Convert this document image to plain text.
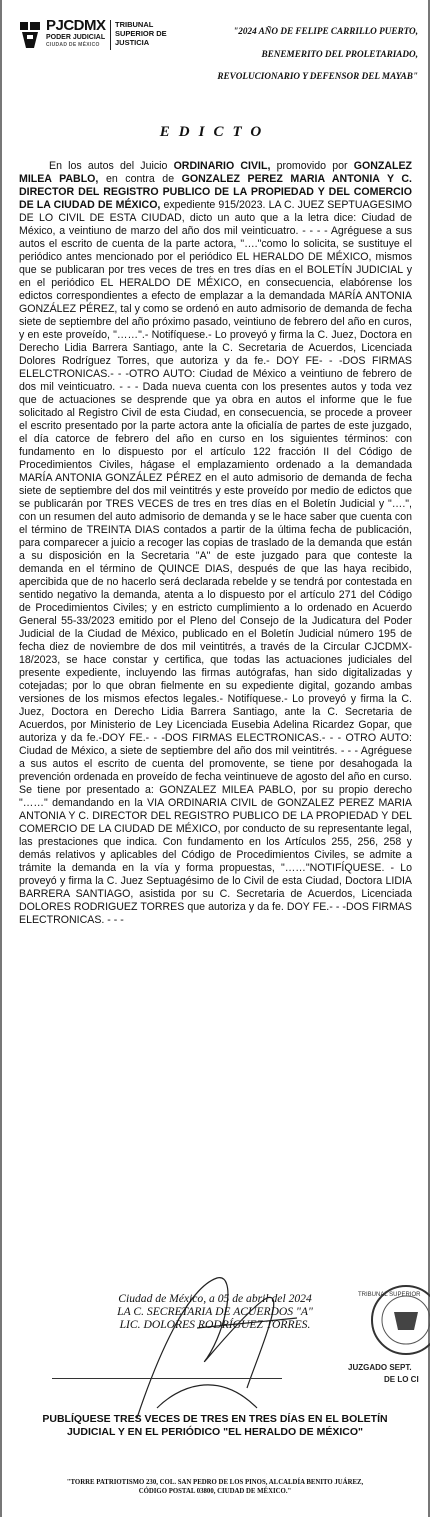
PJCDMX
PODER JUDICIAL
CIUDAD DE MÉXICO
TRIBUNAL
SUPERIOR DE
JUSTICIA
"2024 AÑO DE FELIPE CARRILLO PUERTO,
BENEMERITO DEL PROLETARIADO,
REVOLUCIONARIO Y DEFENSOR DEL MAYAB"
EDICTO
En los autos del Juicio ORDINARIO CIVIL, promovido por GONZALEZ MILEA PABLO, en contra de GONZALEZ PEREZ MARIA ANTONIA Y C. DIRECTOR DEL REGISTRO PUBLICO DE LA PROPIEDAD Y DEL COMERCIO DE LA CIUDAD DE MÉXICO, expediente 915/2023. LA C. JUEZ SEPTUAGESIMO DE LO CIVIL DE ESTA CIUDAD, dicto un auto que a la letra dice: Ciudad de México, a veintiuno de marzo del año dos mil veinticuatro. - - - - Agréguese a sus autos el escrito de cuenta de la parte actora, "…."como lo solicita, se sustituye el periódico antes mencionado por el periódico EL HERALDO DE MÉXICO, mismos que se publicaran por tres veces de tres en tres días en el BOLETÍN JUDICIAL y en el periódico EL HERALDO DE MÉXICO, en consecuencia, elabórense los edictos correspondientes a efecto de emplazar a la demandada MARÍA ANTONIA GONZÁLEZ PÉREZ, tal y como se ordenó en auto admisorio de demanda de fecha siete de septiembre del año próximo pasado, veintiuno de febrero del año en curos, y en este proveído, "……".- Notifíquese.- Lo proveyó y firma la C. Juez, Doctora en Derecho Lidia Barrera Santiago, ante la C. Secretaria de Acuerdos, Licenciada Dolores Rodríguez Torres, que autoriza y da fe.- DOY FE- - -DOS FIRMAS ELELCTRONICAS.- - -OTRO AUTO: Ciudad de México a veintiuno de febrero de dos mil veinticuatro. - - - Dada nueva cuenta con los presentes autos y toda vez que de actuaciones se desprende que ya obra en autos el informe que le fue solicitado al Registro Civil de esta Ciudad, en consecuencia, se procede a proveer el escrito presentado por la parte actora ante la oficialía de partes de este juzgado, el día catorce de febrero del año en curso en los siguientes términos: con fundamento en lo dispuesto por el artículo 122 fracción II del Código de Procedimientos Civiles, hágase el emplazamiento ordenado a la demandada MARÍA ANTONIA GONZÁLEZ PÉREZ en el auto admisorio de demanda de fecha siete de septiembre del dos mil veintitrés y este proveído por medio de edictos que se publicarán por TRES VECES de tres en tres días en el Boletín Judicial y "….", con un resumen del auto admisorio de demanda y se le hace saber que cuenta con el término de TREINTA DIAS contados a partir de la última fecha de publicación, para comparecer a juicio a recoger las copias de traslado de la demanda que están a su disposición en la Secretaria "A" de este juzgado para que conteste la demanda en el término de QUINCE DIAS, después de que las haya recibido, apercibida que de no hacerlo será declarada rebelde y se tendrá por contestada en sentido negativo la demanda, atenta a lo dispuesto por el artículo 271 del Código de Procedimientos Civiles; y en estricto cumplimiento a lo ordenado en Acuerdo General 55-33/2023 emitido por el Pleno del Consejo de la Judicatura del Poder Judicial de la Ciudad de México, publicado en el Boletín Judicial número 195 de fecha diez de noviembre de dos mil veintitrés, a través de la Circular CJCDMX-18/2023, se hace constar y certifica, que todas las actuaciones judiciales del presente expediente, incluyendo las firmas autógrafas, han sido digitalizadas y cotejadas; por lo que obran fielmente en su expediente digital, gozando ambas versiones de los mismos efectos legales.- Notifíquese.- Lo proveyó y firma la C. Juez, Doctora en Derecho Lidia Barrera Santiago, ante la C. Secretaria de Acuerdos, por Ministerio de Ley Licenciada Eusebia Adelina Ricardez Gopar, que autoriza y da fe.-DOY FE.- - -DOS FIRMAS ELECTRONICAS.- - - OTRO AUTO: Ciudad de México, a siete de septiembre del año dos mil veintitrés. - - - Agréguese a sus autos el escrito de cuenta del promovente, se tiene por desahogada la prevención ordenada en proveído de fecha veintinueve de agosto del año en curso. Se tiene por presentado a: GONZALEZ MILEA PABLO, por su propio derecho "……" demandando en la VIA ORDINARIA CIVIL de GONZALEZ PEREZ MARIA ANTONIA Y C. DIRECTOR DEL REGISTRO PUBLICO DE LA PROPIEDAD Y DEL COMERCIO DE LA CIUDAD DE MÉXICO, por conducto de su representante legal, las prestaciones que indica. Con fundamento en los Artículos 255, 256, 258 y demás relativos y aplicables del Código de Procedimientos Civiles, se admite a trámite la demanda en la vía y forma propuestas, "……"NOTIFÍQUESE. - Lo proveyó y firma la C. Juez Septuagésimo de lo Civil de esta Ciudad, Doctora LIDIA BARRERA SANTIAGO, asistida por su C. Secretaria de Acuerdos, Licenciada DOLORES RODRIGUEZ TORRES que autoriza y da fe. DOY FE.- - -DOS FIRMAS ELECTRONICAS. - - -
Ciudad de México, a 05 de abril del 2024
LA C. SECRETARIA DE ACUERDOS "A"
LIC. DOLORES RODRÍGUEZ TORRES.
TRIBUNAL SUPERIOR
JUZGADO SEPT.
DE LO CI
PUBLÍQUESE TRES VECES DE TRES EN TRES DÍAS EN EL BOLETÍN
JUDICIAL Y EN EL PERIÓDICO "EL HERALDO DE MÉXICO"
"TORRE PATRIOTISMO 230, COL. SAN PEDRO DE LOS PINOS, ALCALDÍA BENITO JUÁREZ,
CÓDIGO POSTAL 03800, CIUDAD DE MÉXICO."
